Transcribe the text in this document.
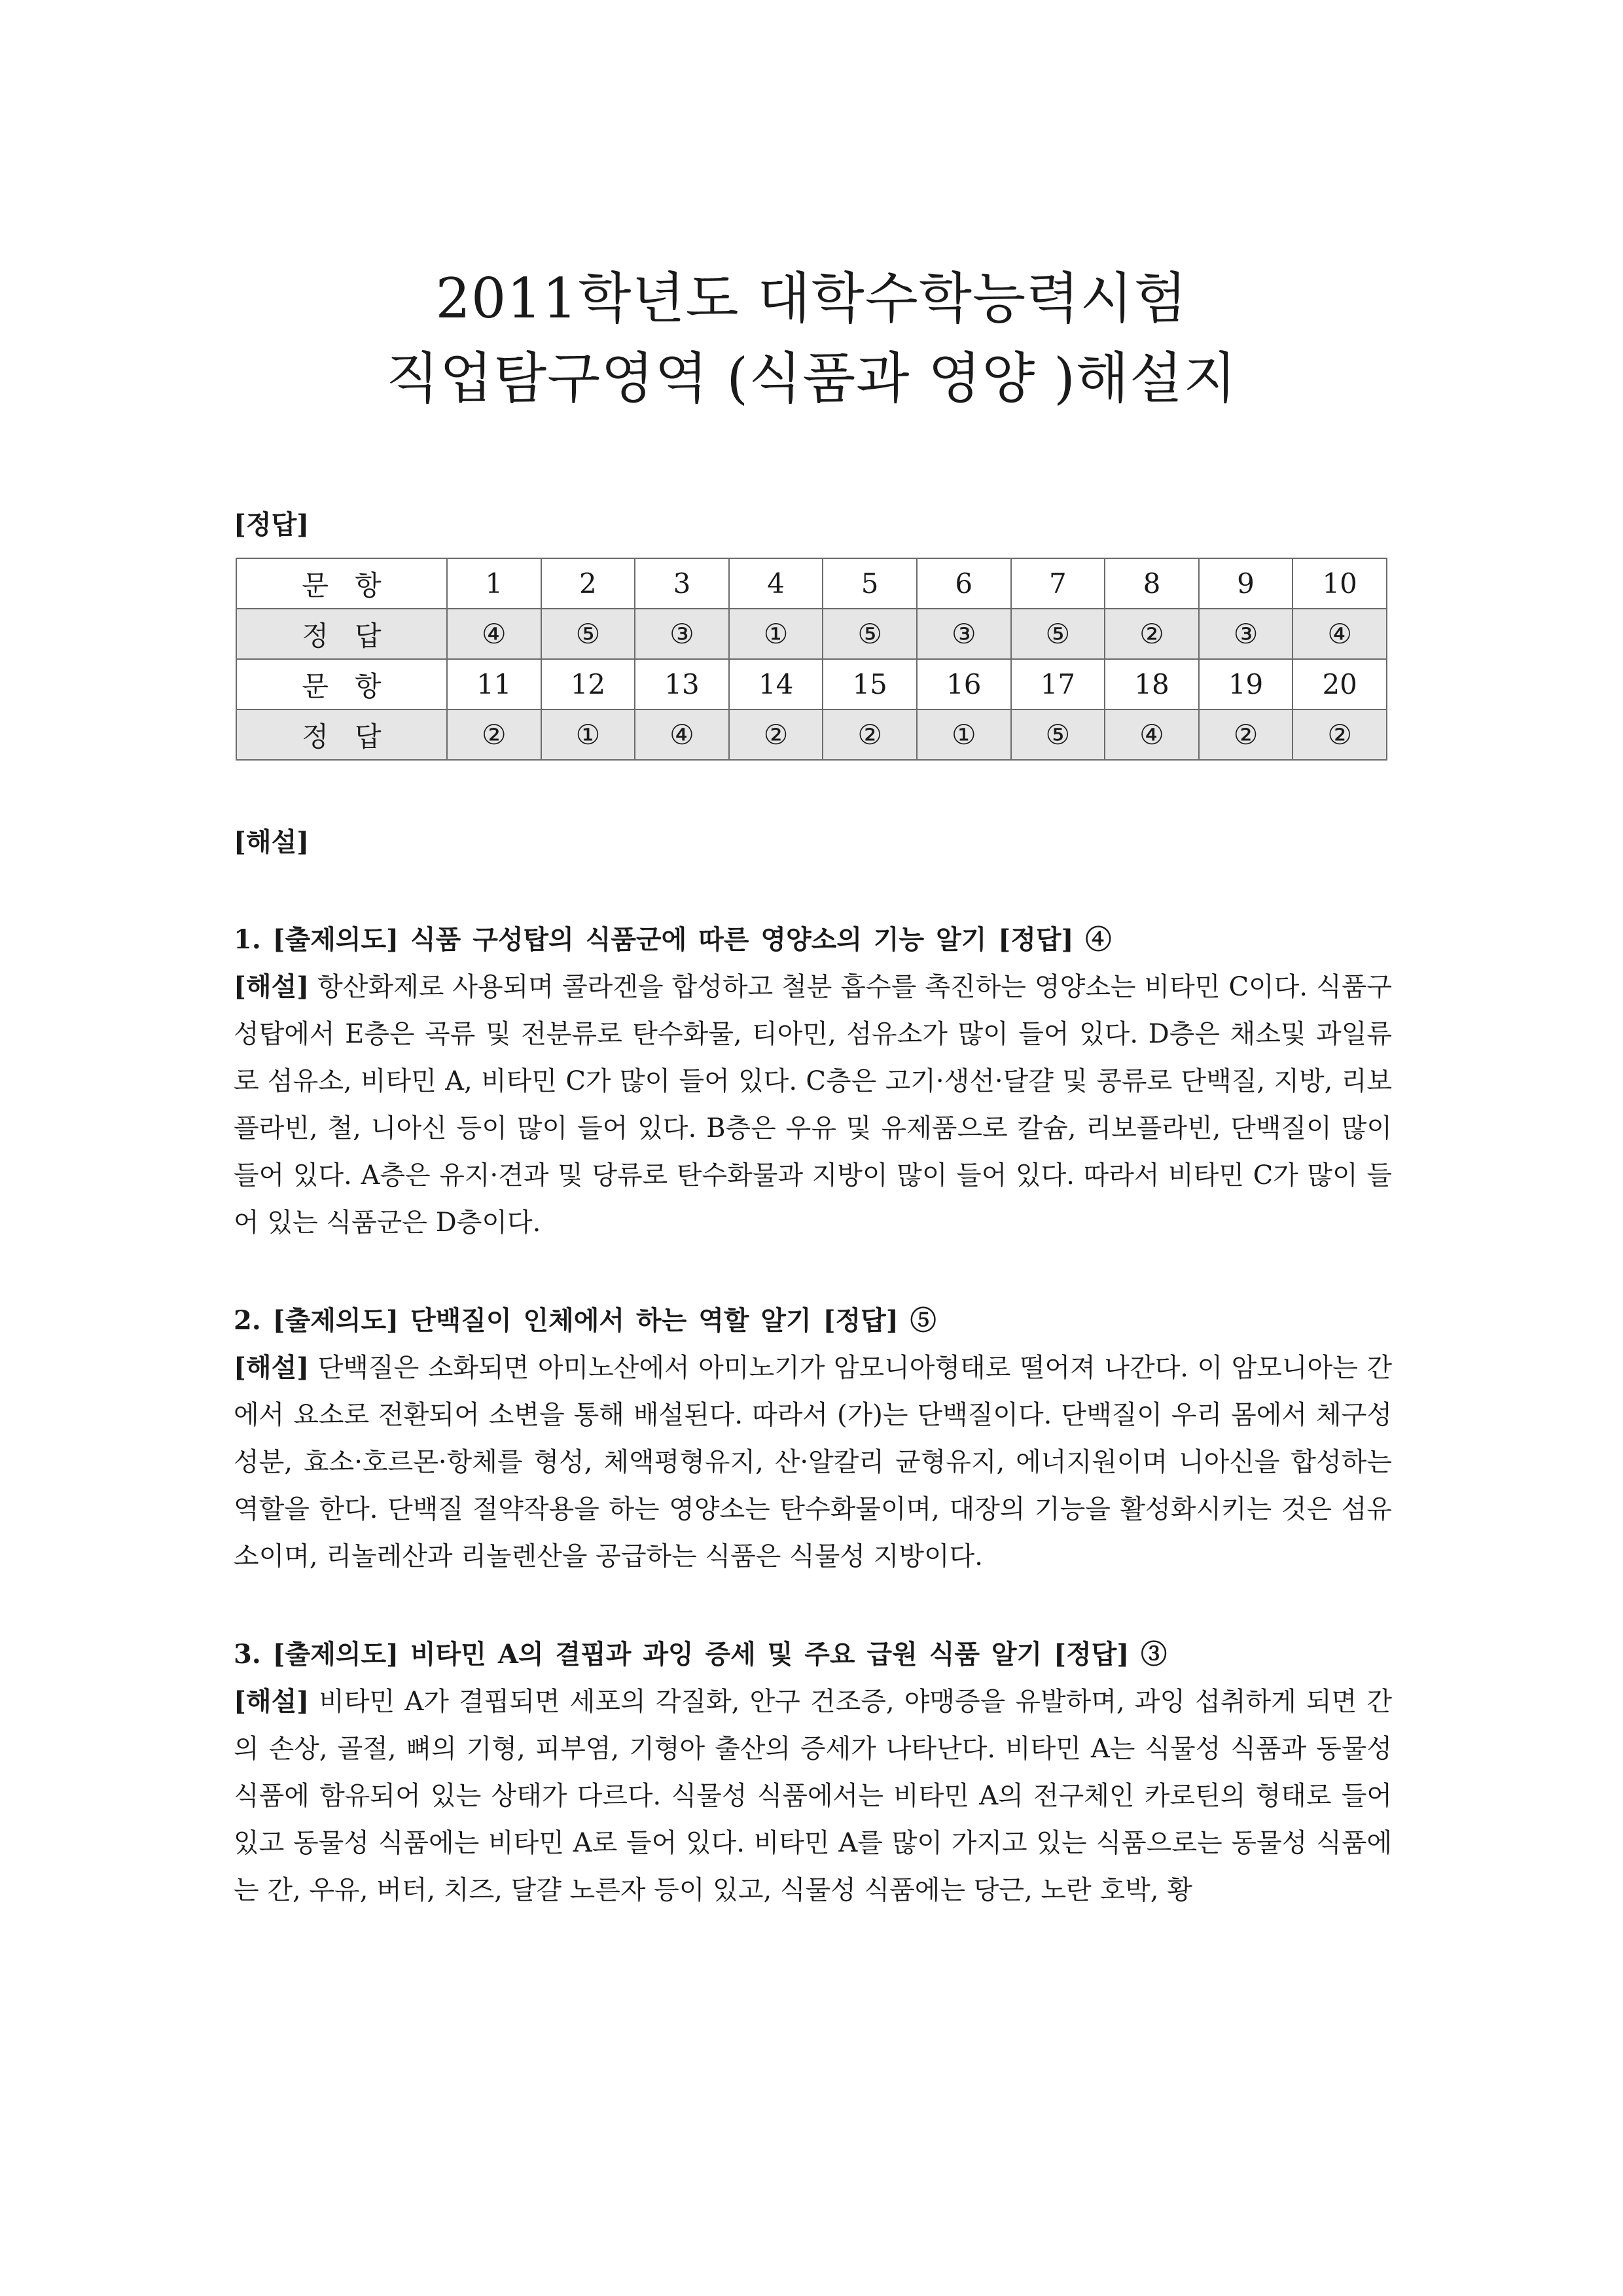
2011학년도 대학수학능력시험

직업탐구영역 (식품과 영양 )해설지

[정답]

문항	1	2	3	4	5	6	7	8	9	10
정답	④	⑤	③	①	⑤	③	⑤	②	③	④
문항	11	12	13	14	15	16	17	18	19	20
정답	②	①	④	②	②	①	⑤	④	②	②

[해설]

1. [출제의도] 식품 구성탑의 식품군에 따른 영양소의 기능 알기 [정답] ④

[해설] 항산화제로 사용되며 콜라겐을 합성하고 철분 흡수를 촉진하는 영양소는 비타민 C이다. 식품구성탑에서 E층은 곡류 및 전분류로 탄수화물, 티아민, 섬유소가 많이 들어 있다. D층은 채소및 과일류로 섬유소, 비타민 A, 비타민 C가 많이 들어 있다. C층은 고기·생선·달걀 및 콩류로 단백질, 지방, 리보플라빈, 철, 니아신 등이 많이 들어 있다. B층은 우유 및 유제품으로 칼슘, 리보플라빈, 단백질이 많이 들어 있다. A층은 유지·견과 및 당류로 탄수화물과 지방이 많이 들어 있다. 따라서 비타민 C가 많이 들어 있는 식품군은 D층이다.

2. [출제의도] 단백질이 인체에서 하는 역할 알기 [정답] ⑤

[해설] 단백질은 소화되면 아미노산에서 아미노기가 암모니아형태로 떨어져 나간다. 이 암모니아는 간에서 요소로 전환되어 소변을 통해 배설된다. 따라서 (가)는 단백질이다. 단백질이 우리 몸에서 체구성 성분, 효소·호르몬·항체를 형성, 체액평형유지, 산·알칼리 균형유지, 에너지원이며 니아신을 합성하는 역할을 한다. 단백질 절약작용을 하는 영양소는 탄수화물이며, 대장의 기능을 활성화시키는 것은 섬유소이며, 리놀레산과 리놀렌산을 공급하는 식품은 식물성 지방이다.

3. [출제의도] 비타민 A의 결핍과 과잉 증세 및 주요 급원 식품 알기 [정답] ③

[해설] 비타민 A가 결핍되면 세포의 각질화, 안구 건조증, 야맹증을 유발하며, 과잉 섭취하게 되면 간의 손상, 골절, 뼈의 기형, 피부염, 기형아 출산의 증세가 나타난다. 비타민 A는 식물성 식품과 동물성 식품에 함유되어 있는 상태가 다르다. 식물성 식품에서는 비타민 A의 전구체인 카로틴의 형태로 들어 있고 동물성 식품에는 비타민 A로 들어 있다. 비타민 A를 많이 가지고 있는 식품으로는 동물성 식품에는 간, 우유, 버터, 치즈, 달걀 노른자 등이 있고, 식물성 식품에는 당근, 노란 호박, 황
